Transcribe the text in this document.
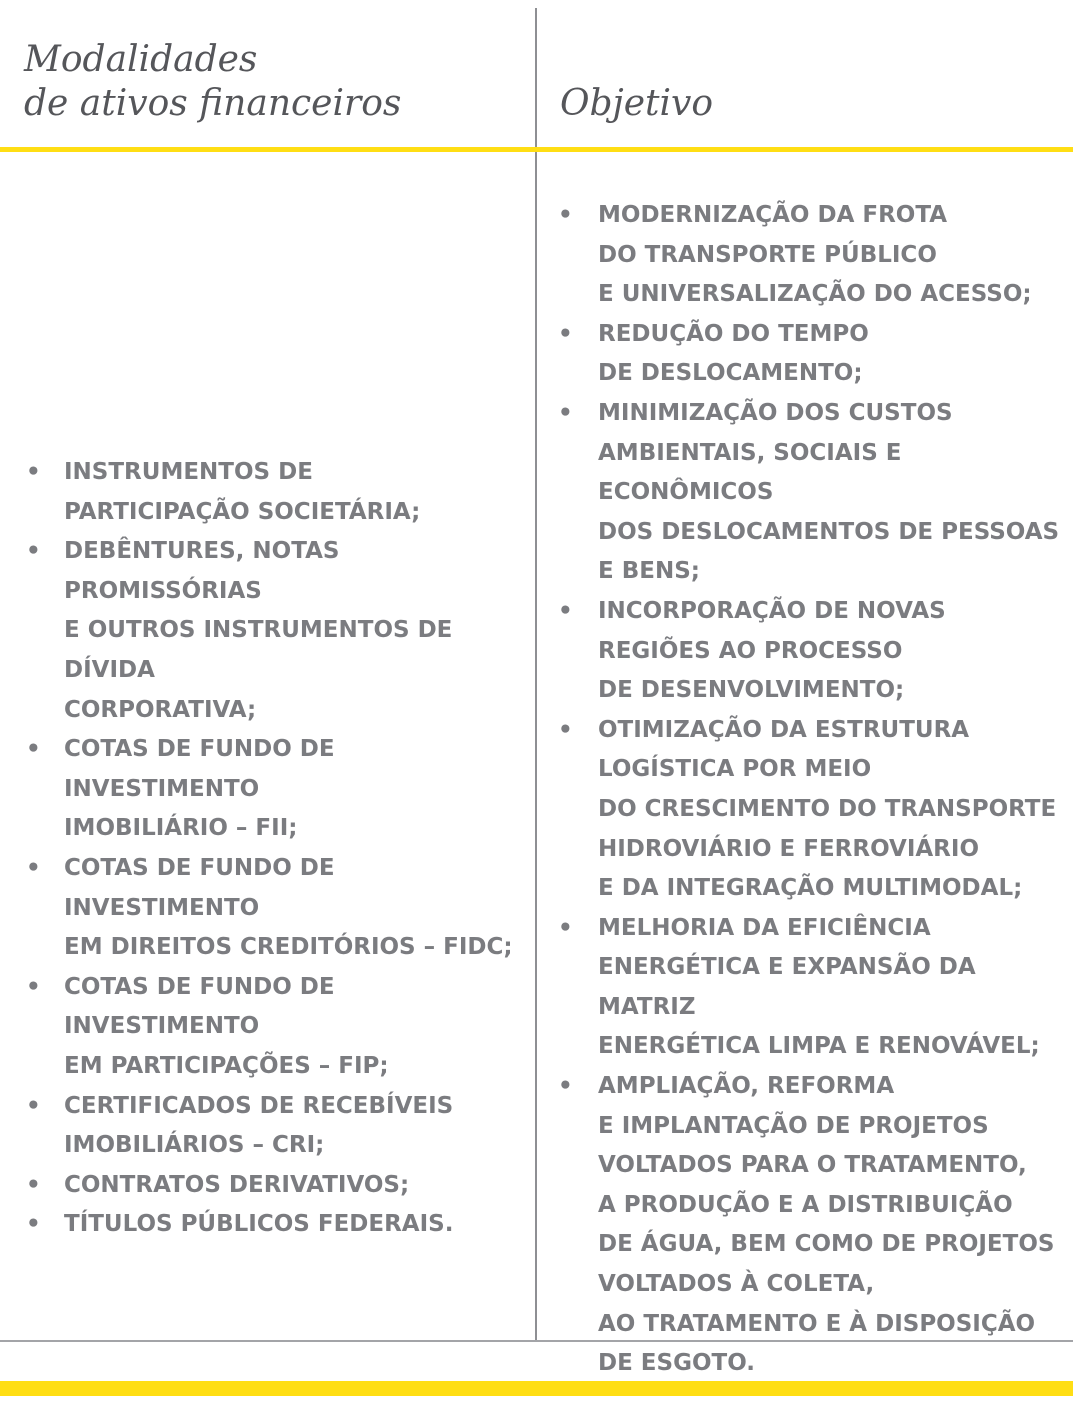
Modalidades
de ativos financeiros	Objetivo
• INSTRUMENTOS DE
PARTICIPAÇÃO SOCIETÁRIA;
• DEBÊNTURES, NOTAS PROMISSÓRIAS
E OUTROS INSTRUMENTOS DE DÍVIDA
CORPORATIVA;
• COTAS DE FUNDO DE INVESTIMENTO
IMOBILIÁRIO – FII;
• COTAS DE FUNDO DE INVESTIMENTO
EM DIREITOS CREDITÓRIOS – FIDC;
• COTAS DE FUNDO DE INVESTIMENTO
EM PARTICIPAÇÕES – FIP;
• CERTIFICADOS DE RECEBÍVEIS
IMOBILIÁRIOS – CRI;
• CONTRATOS DERIVATIVOS;
• TÍTULOS PÚBLICOS FEDERAIS.
• MODERNIZAÇÃO DA FROTA
DO TRANSPORTE PÚBLICO
E UNIVERSALIZAÇÃO DO ACESSO;
• REDUÇÃO DO TEMPO
DE DESLOCAMENTO;
• MINIMIZAÇÃO DOS CUSTOS
AMBIENTAIS, SOCIAIS E ECONÔMICOS
DOS DESLOCAMENTOS DE PESSOAS
E BENS;
• INCORPORAÇÃO DE NOVAS
REGIÕES AO PROCESSO
DE DESENVOLVIMENTO;
• OTIMIZAÇÃO DA ESTRUTURA
LOGÍSTICA POR MEIO
DO CRESCIMENTO DO TRANSPORTE
HIDROVIÁRIO E FERROVIÁRIO
E DA INTEGRAÇÃO MULTIMODAL;
• MELHORIA DA EFICIÊNCIA
ENERGÉTICA E EXPANSÃO DA MATRIZ
ENERGÉTICA LIMPA E RENOVÁVEL;
• AMPLIAÇÃO, REFORMA
E IMPLANTAÇÃO DE PROJETOS
VOLTADOS PARA O TRATAMENTO,
A PRODUÇÃO E A DISTRIBUIÇÃO
DE ÁGUA, BEM COMO DE PROJETOS
VOLTADOS À COLETA,
AO TRATAMENTO E À DISPOSIÇÃO
DE ESGOTO.
